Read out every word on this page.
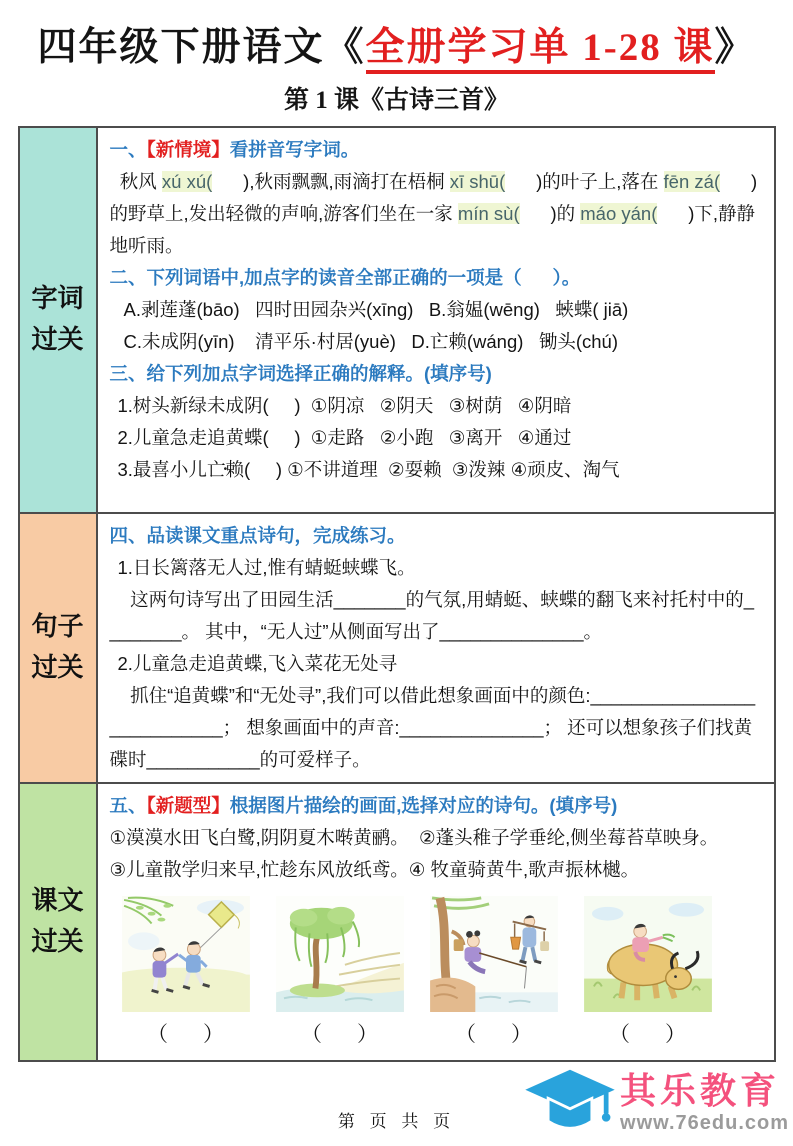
四年级下册语文《全册学习单 1-28 课》
第 1 课《古诗三首》
字词过关
一、【新情境】看拼音写字词。
秋风 xú xú(      ),秋雨飘飘,雨滴打在梧桐 xī shū(      )的叶子上,落在 fēn zá(      )的野草上,发出轻微的声响,游客们坐在一家 mín sù(      )的 máo yán(      )下,静静地听雨。
二、下列词语中,加点字的读音全部正确的一项是（      ）。
A.剥 •莲蓬(bāo)   四时田园杂兴 •(xīng)   B.翁媪 •(wēng)   蛱 •蝶( jiā)
C.未成阴 •(yīn)    清平乐 •·村居(yuè)   D.亡 •赖(wáng)   锄 •头(chú)
三、给下列加点字词选择正确的解释。(填序号)
1.树头新绿未成阴 •(     )  ①阴凉   ②阴天   ③树荫   ④阴暗
2.儿童急走 •追黄蝶(     )  ①走路   ②小跑   ③离开   ④通过
3.最喜小儿亡赖 •(     ) ①不讲道理  ②耍赖  ③泼辣 ④顽皮、淘气
句子过关
四、品读课文重点诗句，完成练习。
1.日长篱落无人过,惟有蜻蜓蛱蝶飞。
这两句诗写出了田园生活_______的气氛,用蜻蜓、蛱蝶的翻飞来衬托村中的________。 其中，“无人过”从侧面写出了______________。
2.儿童急走追黄蝶,飞入菜花无处寻
抓住“追黄蝶”和“无处寻”,我们可以借此想象画面中的颜色:___________________________； 想象画面中的声音:______________； 还可以想象孩子们找黄碟时___________的可爱样子。
课文过关
五、【新题型】根据图片描绘的画面,选择对应的诗句。(填序号)
①漠漠水田飞白鹭,阴阴夏木啭黄鹂。  ②蓬头稚子学垂纶,侧坐莓苔草映身。
③儿童散学归来早,忙趁东风放纸鸢。④ 牧童骑黄牛,歌声振林樾。
（      ）	（      ）	（      ）	（      ）
第 页 共 页
其乐教育
www.76edu.com
